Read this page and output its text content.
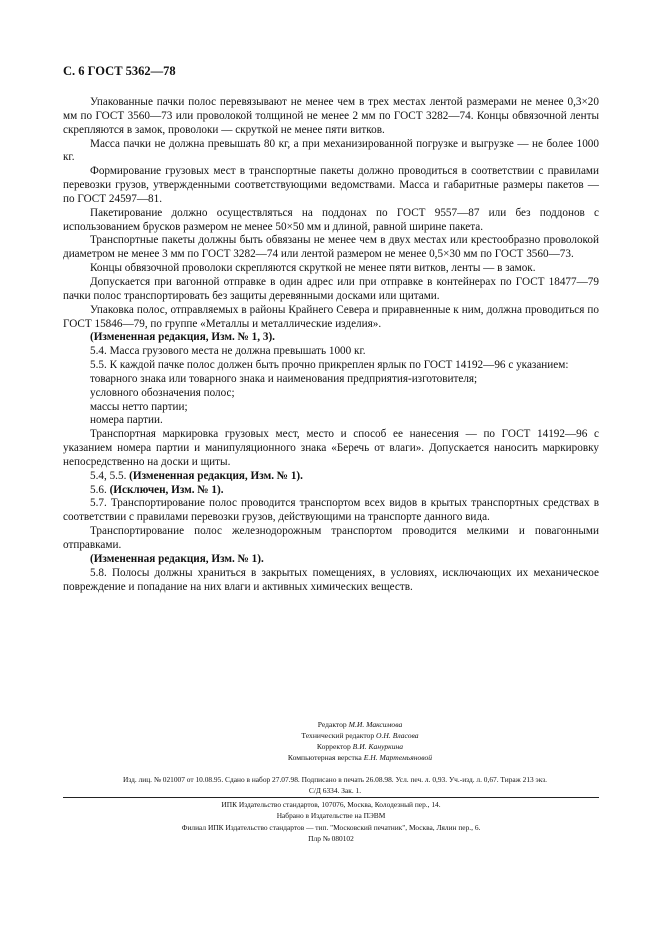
С. 6 ГОСТ 5362—78

Упакованные пачки полос перевязывают не менее чем в трех местах лентой размерами не менее 0,3×20 мм по ГОСТ 3560—73 или проволокой толщиной не менее 2 мм по ГОСТ 3282—74. Концы обвязочной ленты скрепляются в замок, проволоки — скруткой не менее пяти витков.

Масса пачки не должна превышать 80 кг, а при механизированной погрузке и выгрузке — не более 1000 кг.

Формирование грузовых мест в транспортные пакеты должно проводиться в соответствии с правилами перевозки грузов, утвержденными соответствующими ведомствами. Масса и габаритные размеры пакетов — по ГОСТ 24597—81.

Пакетирование должно осуществляться на поддонах по ГОСТ 9557—87 или без поддонов с использованием брусков размером не менее 50×50 мм и длиной, равной ширине пакета.

Транспортные пакеты должны быть обвязаны не менее чем в двух местах или крестообразно проволокой диаметром не менее 3 мм по ГОСТ 3282—74 или лентой размером не менее 0,5×30 мм по ГОСТ 3560—73.

Концы обвязочной проволоки скрепляются скруткой не менее пяти витков, ленты — в замок.

Допускается при вагонной отправке в один адрес или при отправке в контейнерах по ГОСТ 18477—79 пачки полос транспортировать без защиты деревянными досками или щитами.

Упаковка полос, отправляемых в районы Крайнего Севера и приравненные к ним, должна проводиться по ГОСТ 15846—79, по группе «Металлы и металлические изделия».

(Измененная редакция, Изм. № 1, 3).

5.4. Масса грузового места не должна превышать 1000 кг.

5.5. К каждой пачке полос должен быть прочно прикреплен ярлык по ГОСТ 14192—96 с указанием:

товарного знака или товарного знака и наименования предприятия-изготовителя;

условного обозначения полос;

массы нетто партии;

номера партии.

Транспортная маркировка грузовых мест, место и способ ее нанесения — по ГОСТ 14192—96 с указанием номера партии и манипуляционного знака «Беречь от влаги». Допускается наносить маркировку непосредственно на доски и щиты.

5.4, 5.5. (Измененная редакция, Изм. № 1).

5.6. (Исключен, Изм. № 1).

5.7. Транспортирование полос проводится транспортом всех видов в крытых транспортных средствах в соответствии с правилами перевозки грузов, действующими на транспорте данного вида.

Транспортирование полос железнодорожным транспортом проводится мелкими и повагонными отправками.

(Измененная редакция, Изм. № 1).

5.8. Полосы должны храниться в закрытых помещениях, в условиях, исключающих их механическое повреждение и попадание на них влаги и активных химических веществ.

Редактор М.И. Максимова
Технический редактор О.Н. Власова
Корректор В.И. Кануркина
Компьютерная верстка Е.Н. Мартемьяновой
Изд. лиц. № 021007 от 10.08.95. Сдано в набор 27.07.98. Подписано в печать 26.08.98. Усл. печ. л. 0,93. Уч.-изд. л. 0,67. Тираж 213 экз.
С/Д 6334. Зак. 1.
ИПК Издательство стандартов, 107076, Москва, Колодезный пер., 14.
Набрано в Издательстве на ПЭВМ
Филиал ИПК Издательство стандартов — тип. "Московский печатник", Москва, Лялин пер., 6.
Плр № 080102
